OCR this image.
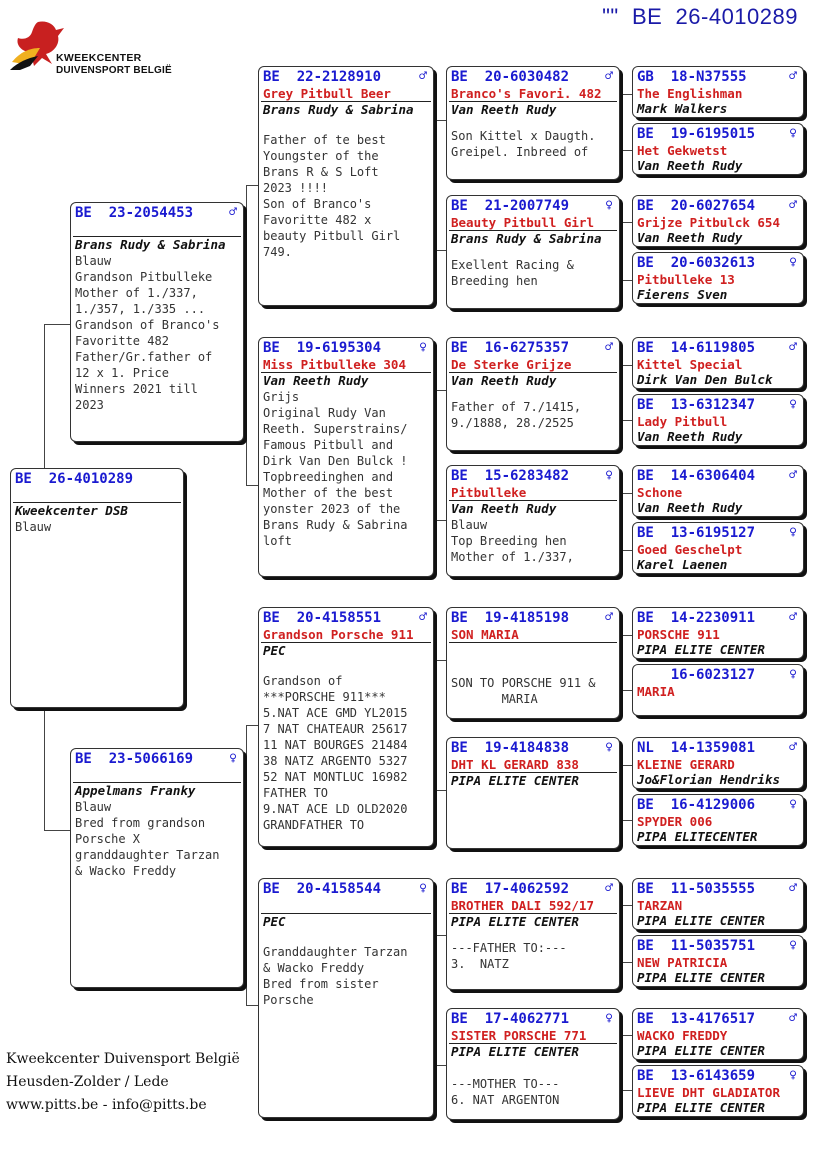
""  BE  26-4010289
KWEEKCENTER
DUIVENSPORT BELGIË
BE  26-4010289
Kweekcenter DSB
Blauw
BE  23-2054453	♂
Brans Rudy & Sabrina
Blauw
Grandson Pitbulleke
Mother of 1./337,
1./357, 1./335 ...
Grandson of Branco's
Favoritte 482
Father/Gr.father of
12 x 1. Price
Winners 2021 till
2023
BE  23-5066169	♀
Appelmans Franky
Blauw
Bred from grandson
Porsche X
granddaughter Tarzan
& Wacko Freddy
BE  22-2128910	♂
Grey Pitbull Beer
Brans Rudy & Sabrina
Father of te best
Youngster of the
Brans R & S Loft
2023 !!!!
Son of Branco's
Favoritte 482 x
beauty Pitbull Girl
749.
BE  19-6195304	♀
Miss Pitbulleke 304
Van Reeth Rudy
Grijs
Original Rudy Van
Reeth. Superstrains/
Famous Pitbull and
Dirk Van Den Bulck !
Topbreedinghen and
Mother of the best
yonster 2023 of the
Brans Rudy & Sabrina
loft
BE  20-4158551	♂
Grandson Porsche 911
PEC
Grandson of
***PORSCHE 911***
5.NAT ACE GMD YL2015
7 NAT CHATEAUR 25617
11 NAT BOURGES 21484
38 NATZ ARGENTO 5327
52 NAT MONTLUC 16982
FATHER TO
9.NAT ACE LD OLD2020
GRANDFATHER TO
BE  20-4158544	♀
PEC
Granddaughter Tarzan
& Wacko Freddy
Bred from sister
Porsche
BE  20-6030482	♂
Branco's Favori. 482
Van Reeth Rudy
Son Kittel x Daugth.
Greipel. Inbreed of
BE  21-2007749	♀
Beauty Pitbull Girl
Brans Rudy & Sabrina
Exellent Racing &
Breeding hen
BE  16-6275357	♂
De Sterke Grijze
Van Reeth Rudy
Father of 7./1415,
9./1888, 28./2525
BE  15-6283482	♀
Pitbulleke
Van Reeth Rudy
Blauw
Top Breeding hen
Mother of 1./337,
BE  19-4185198	♂
SON MARIA
SON TO PORSCHE 911 &
MARIA
BE  19-4184838	♀
DHT KL GERARD 838
PIPA ELITE CENTER
BE  17-4062592	♂
BROTHER DALI 592/17
PIPA ELITE CENTER
---FATHER TO:---
3.  NATZ
BE  17-4062771	♀
SISTER PORSCHE 771
PIPA ELITE CENTER
---MOTHER TO---
6. NAT ARGENTON
GB  18-N37555	♂
The Englishman
Mark Walkers
BE  19-6195015	♀
Het Gekwetst
Van Reeth Rudy
BE  20-6027654	♂
Grijze Pitbulck 654
Van Reeth Rudy
BE  20-6032613	♀
Pitbulleke 13
Fierens Sven
BE  14-6119805	♂
Kittel Special
Dirk Van Den Bulck
BE  13-6312347	♀
Lady Pitbull
Van Reeth Rudy
BE  14-6306404	♂
Schone
Van Reeth Rudy
BE  13-6195127	♀
Goed Geschelpt
Karel Laenen
BE  14-2230911	♂
PORSCHE 911
PIPA ELITE CENTER
16-6023127	♀
MARIA
NL  14-1359081	♂
KLEINE GERARD
Jo&Florian Hendriks
BE  16-4129006	♀
SPYDER 006
PIPA ELITECENTER
BE  11-5035555	♂
TARZAN
PIPA ELITE CENTER
BE  11-5035751	♀
NEW PATRICIA
PIPA ELITE CENTER
BE  13-4176517	♂
WACKO FREDDY
PIPA ELITE CENTER
BE  13-6143659	♀
LIEVE DHT GLADIATOR
PIPA ELITE CENTER
Kweekcenter Duivensport België
Heusden-Zolder / Lede
www.pitts.be - info@pitts.be
